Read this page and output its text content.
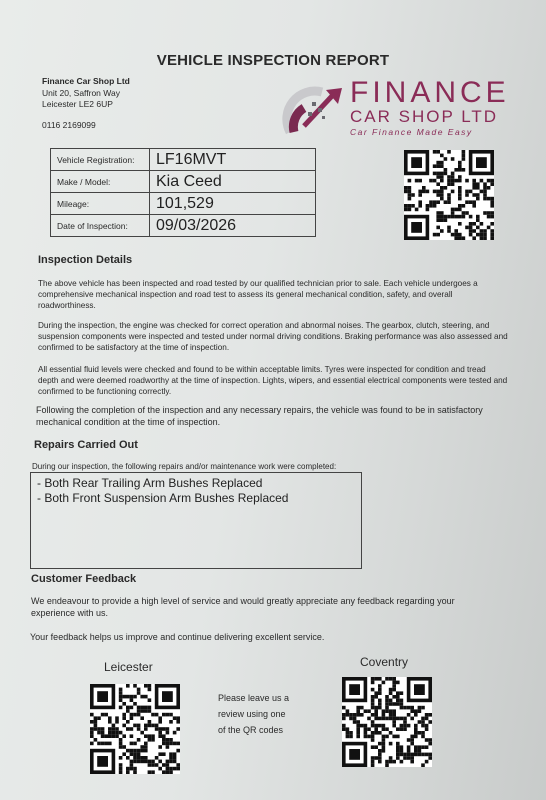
VEHICLE INSPECTION REPORT
Finance Car Shop Ltd
Unit 20, Saffron Way
Leicester LE2 6UP
0116 2169099
FINANCE
CAR SHOP LTD
Car Finance Made Easy
Vehicle Registration:	LF16MVT
Make / Model:	Kia Ceed
Mileage:	101,529
Date of Inspection:	09/03/2026
Inspection Details
The above vehicle has been inspected and road tested by our qualified technician prior to sale. Each vehicle undergoes a comprehensive mechanical inspection and road test to assess its general mechanical condition, safety, and overall roadworthiness.
During the inspection, the engine was checked for correct operation and abnormal noises. The gearbox, clutch, steering, and suspension components were inspected and tested under normal driving conditions. Braking performance was also assessed and confirmed to be satisfactory at the time of inspection.
All essential fluid levels were checked and found to be within acceptable limits. Tyres were inspected for condition and tread depth and were deemed roadworthy at the time of inspection. Lights, wipers, and essential electrical components were tested and confirmed to be functioning correctly.
Following the completion of the inspection and any necessary repairs, the vehicle was found to be in satisfactory mechanical condition at the time of inspection.
Repairs Carried Out
During our inspection, the following repairs and/or maintenance work were completed:
- Both Rear Trailing Arm Bushes Replaced
- Both Front Suspension Arm Bushes Replaced
Customer Feedback
We endeavour to provide a high level of service and would greatly appreciate any feedback regarding your experience with us.
Your feedback helps us improve and continue delivering excellent service.
Leicester	Coventry
Please leave us a
review using one
of the QR codes
